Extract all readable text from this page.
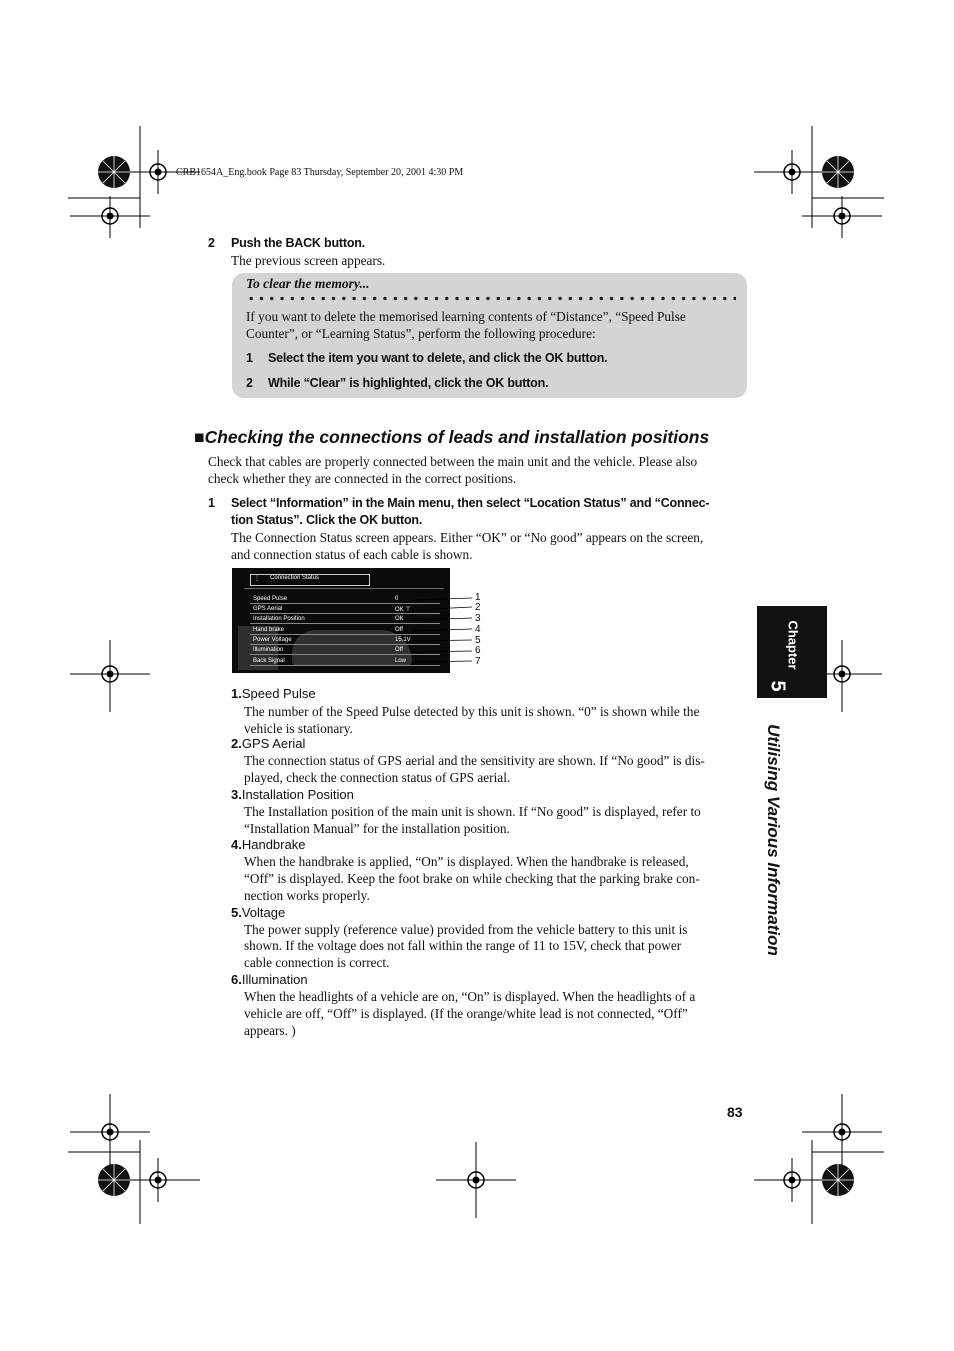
CRB1654A_Eng.book Page 83 Thursday, September 20, 2001 4:30 PM
2 Push the BACK button.
The previous screen appears.
To clear the memory...
If you want to delete the memorised learning contents of “Distance”, “Speed Pulse
Counter”, or “Learning Status”, perform the following procedure:
1 Select the item you want to delete, and click the OK button.
2 While “Clear” is highlighted, click the OK button.
■Checking the connections of leads and installation positions
Check that cables are properly connected between the main unit and the vehicle. Please also
check whether they are connected in the correct positions.
1 Select “Information” in the Main menu, then select “Location Status” and “Connec-
tion Status”. Click the OK button.
The Connection Status screen appears. Either “OK” or “No good” appears on the screen,
and connection status of each cable is shown.
⋮ Connection Status
Speed Pulse	0
GPS Aerial	OK ⊤
Installation Position	OK
Hand brake	Off
Power Voltage	15.1V
Illumination	Off
Back Signal	Low
1
2
3
4
5
6
7
1.Speed Pulse
The number of the Speed Pulse detected by this unit is shown. “0” is shown while the
vehicle is stationary.
2.GPS Aerial
The connection status of GPS aerial and the sensitivity are shown. If “No good” is dis-
played, check the connection status of GPS aerial.
3.Installation Position
The Installation position of the main unit is shown. If “No good” is displayed, refer to
“Installation Manual” for the installation position.
4.Handbrake
When the handbrake is applied, “On” is displayed. When the handbrake is released,
“Off” is displayed. Keep the foot brake on while checking that the parking brake con-
nection works properly.
5.Voltage
The power supply (reference value) provided from the vehicle battery to this unit is
shown. If the voltage does not fall within the range of 11 to 15V, check that power
cable connection is correct.
6.Illumination
When the headlights of a vehicle are on, “On” is displayed. When the headlights of a
vehicle are off, “Off” is displayed. (If the orange/white lead is not connected, “Off”
appears. )
Chapter
5
Utilising Various Information
83
